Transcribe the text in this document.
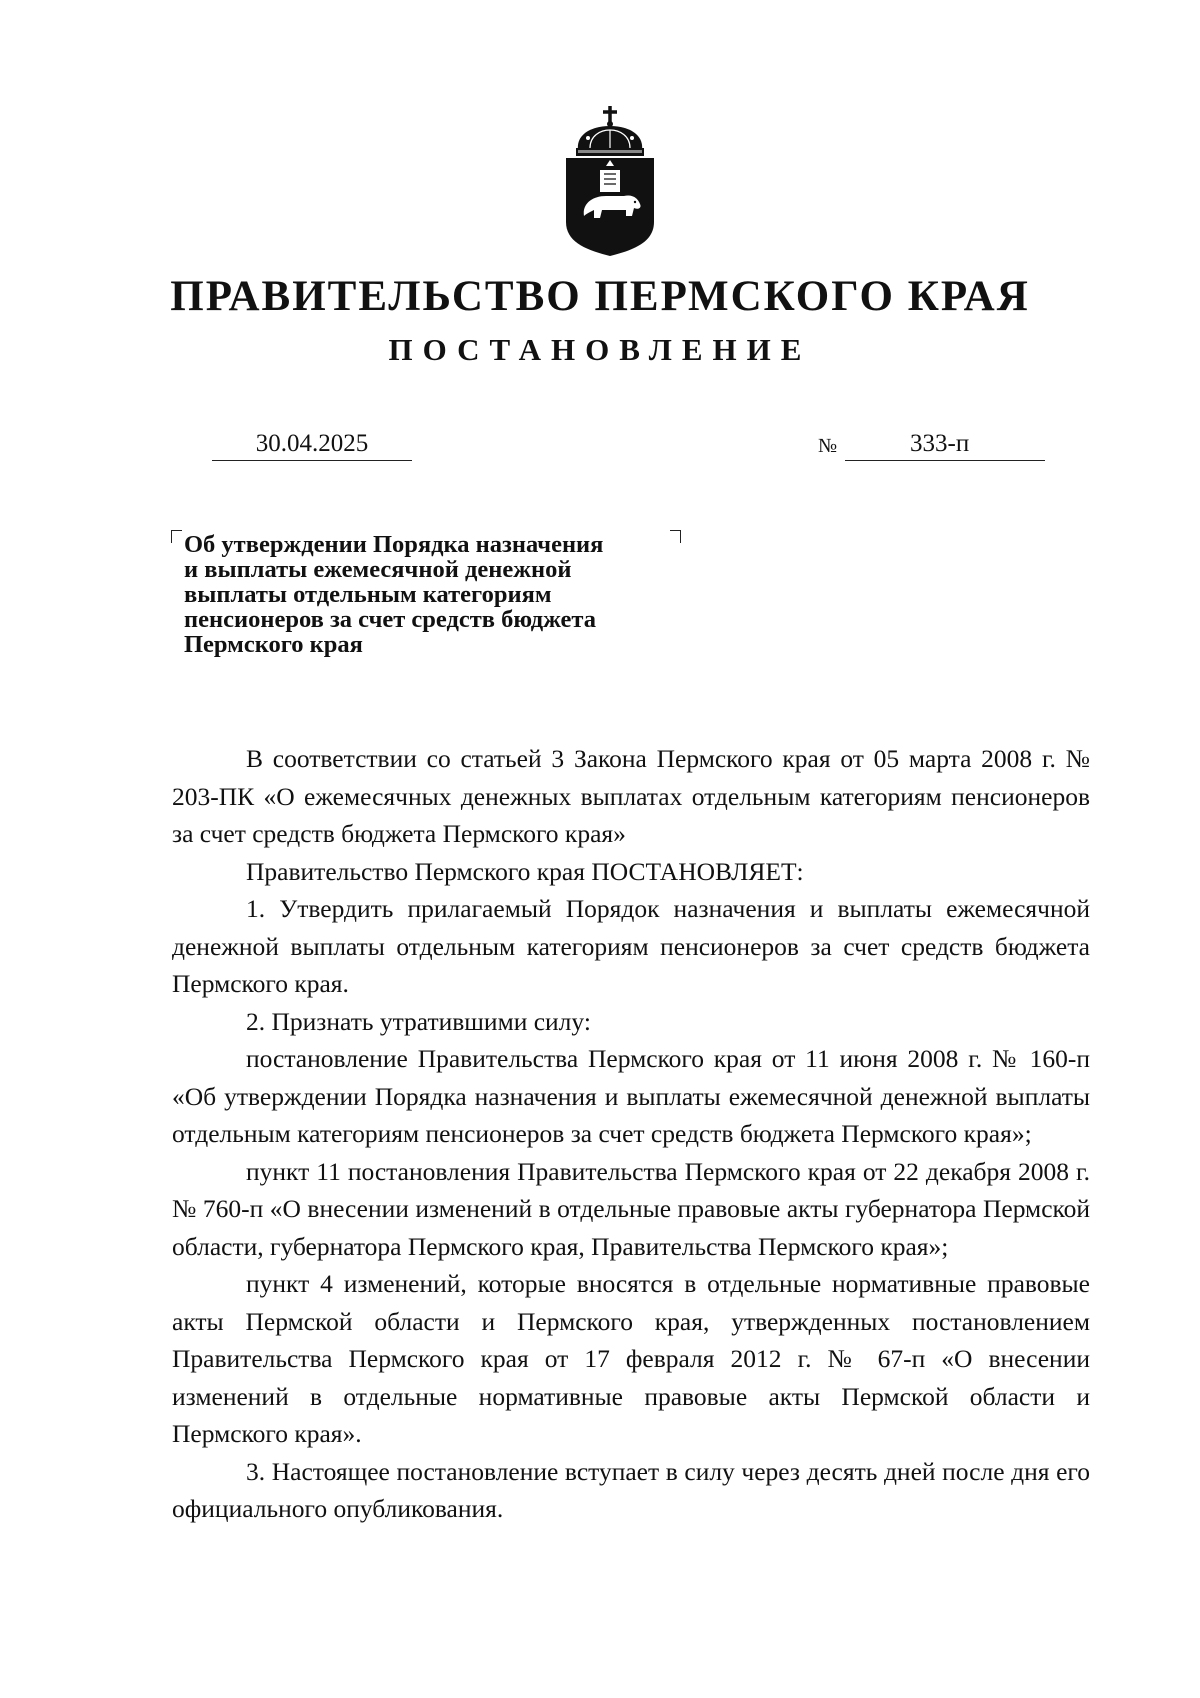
ПРАВИТЕЛЬСТВО ПЕРМСКОГО КРАЯ
ПОСТАНОВЛЕНИЕ
30.04.2025	№	333-п
Об утверждении Порядка назначения
и выплаты ежемесячной денежной
выплаты отдельным категориям
пенсионеров за счет средств бюджета
Пермского края

В соответствии со статьей 3 Закона Пермского края от 05 марта 2008 г. № 203-ПК «О ежемесячных денежных выплатах отдельным категориям пенсионеров за счет средств бюджета Пермского края»

Правительство Пермского края ПОСТАНОВЛЯЕТ:

1. Утвердить прилагаемый Порядок назначения и выплаты ежемесячной денежной выплаты отдельным категориям пенсионеров за счет средств бюджета Пермского края.

2. Признать утратившими силу:

постановление Правительства Пермского края от 11 июня 2008 г. № 160-п «Об утверждении Порядка назначения и выплаты ежемесячной денежной выплаты отдельным категориям пенсионеров за счет средств бюджета Пермского края»;

пункт 11 постановления Правительства Пермского края от 22 декабря 2008 г. № 760-п «О внесении изменений в отдельные правовые акты губернатора Пермской области, губернатора Пермского края, Правительства Пермского края»;

пункт 4 изменений, которые вносятся в отдельные нормативные правовые акты Пермской области и Пермского края, утвержденных постановлением Правительства Пермского края от 17 февраля 2012 г. № 67-п «О внесении изменений в отдельные нормативные правовые акты Пермской области и Пермского края».

3. Настоящее постановление вступает в силу через десять дней после дня его официального опубликования.
